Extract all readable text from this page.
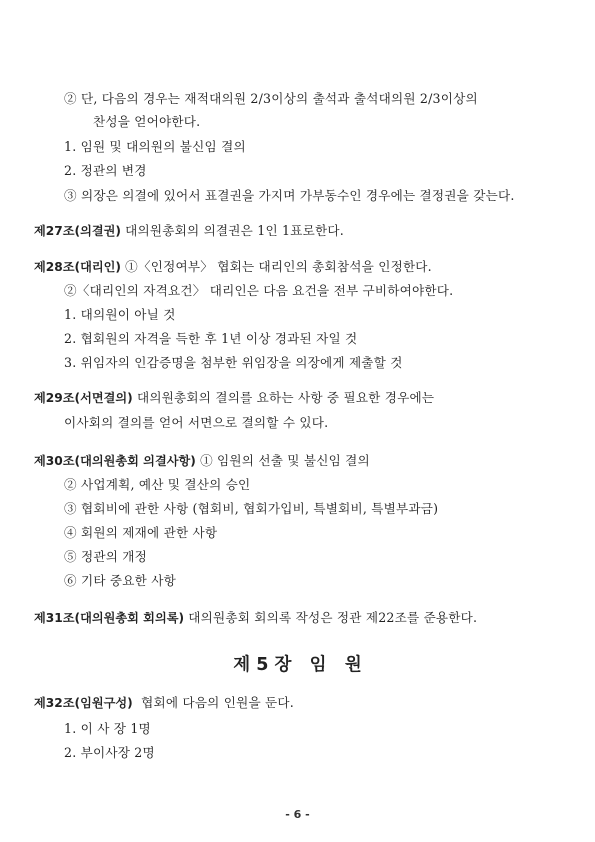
② 단, 다음의 경우는 재적대의원 2/3이상의 출석과 출석대의원 2/3이상의
찬성을 얻어야한다.
1. 임원 및 대의원의 불신임 결의
2. 정관의 변경
③ 의장은 의결에 있어서 표결권을 가지며 가부동수인 경우에는 결정권을 갖는다.
제27조(의결권) 대의원총회의 의결권은 1인 1표로한다.
제28조(대리인) ①〈인정여부〉 협회는 대리인의 총회참석을 인정한다.
②〈대리인의 자격요건〉 대리인은 다음 요건을 전부 구비하여야한다.
1. 대의원이 아닐 것
2. 협회원의 자격을 득한 후 1년 이상 경과된 자일 것
3. 위임자의 인감증명을 첨부한 위임장을 의장에게 제출할 것
제29조(서면결의) 대의원총회의 결의를 요하는 사항 중 필요한 경우에는
이사회의 결의를 얻어 서면으로 결의할 수 있다.
제30조(대의원총회 의결사항) ① 임원의 선출 및 불신임 결의
② 사업계획, 예산 및 결산의 승인
③ 협회비에 관한 사항 (협회비, 협회가입비, 특별회비, 특별부과금)
④ 회원의 제재에 관한 사항
⑤ 정관의 개정
⑥ 기타 중요한 사항
제31조(대의원총회 회의록) 대의원총회 회의록 작성은 정관 제22조를 준용한다.
제 5 장   임   원
제32조(임원구성)  협회에 다음의 인원을 둔다.
1. 이 사 장 1명
2. 부이사장 2명
- 6 -
